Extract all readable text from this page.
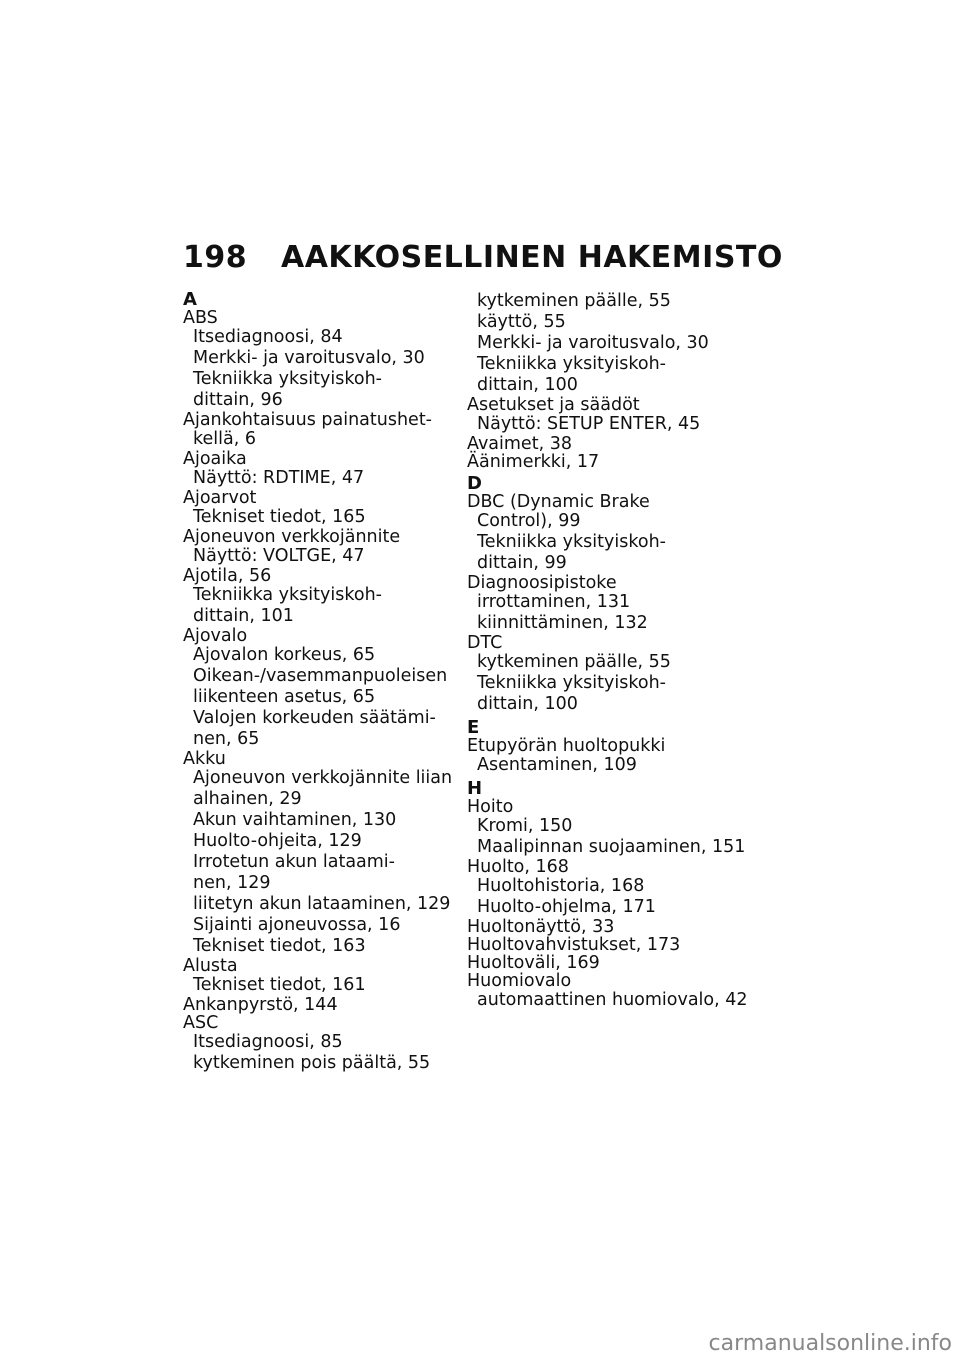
198 AAKKOSELLINEN HAKEMISTO
A
ABS
Itsediagnoosi, 84
Merkki- ja varoitusvalo, 30
Tekniikka yksityiskoh-
dittain, 96
Ajankohtaisuus painatushet-
kellä, 6
Ajoaika
Näyttö: RDTIME, 47
Ajoarvot
Tekniset tiedot, 165
Ajoneuvon verkkojännite
Näyttö: VOLTGE, 47
Ajotila, 56
Tekniikka yksityiskoh-
dittain, 101
Ajovalo
Ajovalon korkeus, 65
Oikean-/vasemmanpuoleisen
liikenteen asetus, 65
Valojen korkeuden säätämi-
nen, 65
Akku
Ajoneuvon verkkojännite liian
alhainen, 29
Akun vaihtaminen, 130
Huolto-ohjeita, 129
Irrotetun akun lataami-
nen, 129
liitetyn akun lataaminen, 129
Sijainti ajoneuvossa, 16
Tekniset tiedot, 163
Alusta
Tekniset tiedot, 161
Ankanpyrstö, 144
ASC
Itsediagnoosi, 85
kytkeminen pois päältä, 55
kytkeminen päälle, 55
käyttö, 55
Merkki- ja varoitusvalo, 30
Tekniikka yksityiskoh-
dittain, 100
Asetukset ja säädöt
Näyttö: SETUP ENTER, 45
Avaimet, 38
Äänimerkki, 17
D
DBC (Dynamic Brake
Control), 99
Tekniikka yksityiskoh-
dittain, 99
Diagnoosipistoke
irrottaminen, 131
kiinnittäminen, 132
DTC
kytkeminen päälle, 55
Tekniikka yksityiskoh-
dittain, 100
E
Etupyörän huoltopukki
Asentaminen, 109
H
Hoito
Kromi, 150
Maalipinnan suojaaminen, 151
Huolto, 168
Huoltohistoria, 168
Huolto-ohjelma, 171
Huoltonäyttö, 33
Huoltovahvistukset, 173
Huoltoväli, 169
Huomiovalo
automaattinen huomiovalo, 42
carmanualsonline.info
